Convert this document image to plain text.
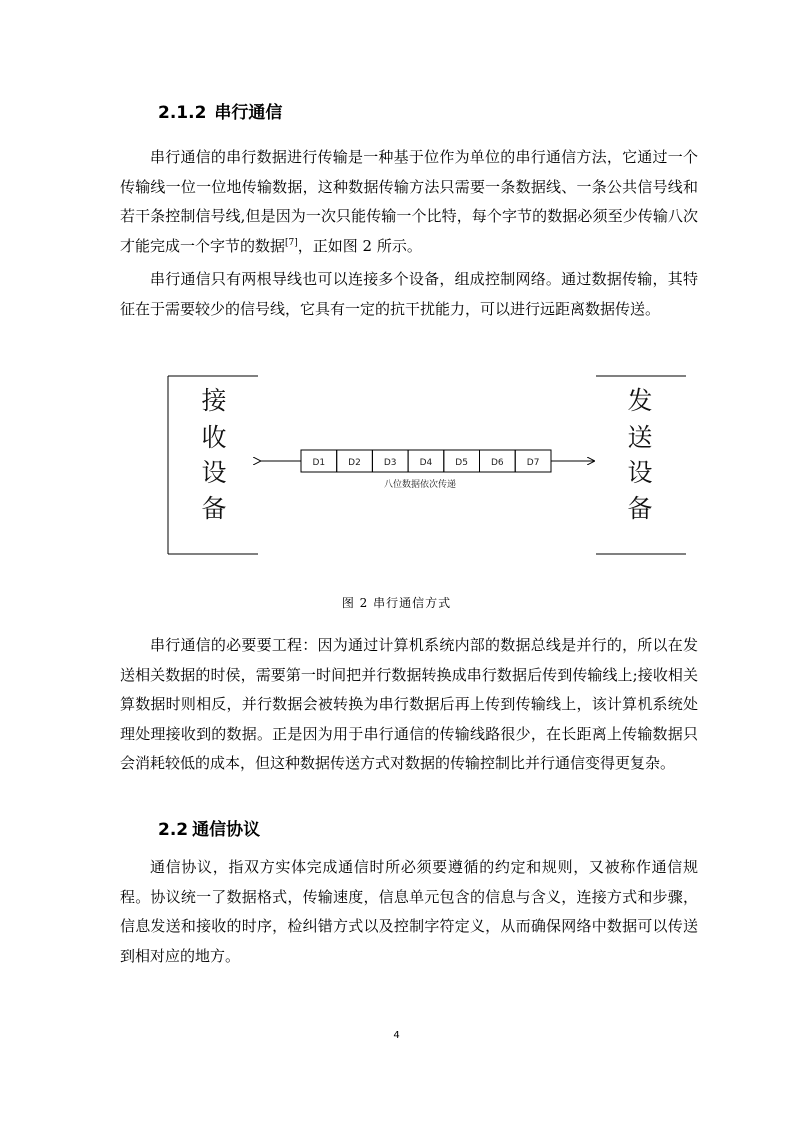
2.1.2 串行通信

串行通信的串行数据进行传输是一种基于位作为单位的串行通信方法，它通过一个传输线一位一位地传输数据，这种数据传输方法只需要一条数据线、一条公共信号线和若干条控制信号线,但是因为一次只能传输一个比特，每个字节的数据必须至少传输八次才能完成一个字节的数据[7]，正如图 2 所示。

串行通信只有两根导线也可以连接多个设备，组成控制网络。通过数据传输，其特征在于需要较少的信号线，它具有一定的抗干扰能力，可以进行远距离数据传送。

接
收
设
备
发
送
设
备
D1	D2	D3	D4	D5	D6	D7
八位数据依次传递
图 2 串行通信方式

串行通信的必要要工程：因为通过计算机系统内部的数据总线是并行的，所以在发送相关数据的时侯，需要第一时间把并行数据转换成串行数据后传到传输线上;接收相关算数据时则相反，并行数据会被转换为串行数据后再上传到传输线上，该计算机系统处理处理接收到的数据。正是因为用于串行通信的传输线路很少，在长距离上传输数据只会消耗较低的成本，但这种数据传送方式对数据的传输控制比并行通信变得更复杂。

2.2 通信协议

通信协议，指双方实体完成通信时所必须要遵循的约定和规则，又被称作通信规程。协议统一了数据格式，传输速度，信息单元包含的信息与含义，连接方式和步骤，信息发送和接收的时序，检纠错方式以及控制字符定义，从而确保网络中数据可以传送到相对应的地方。

4
